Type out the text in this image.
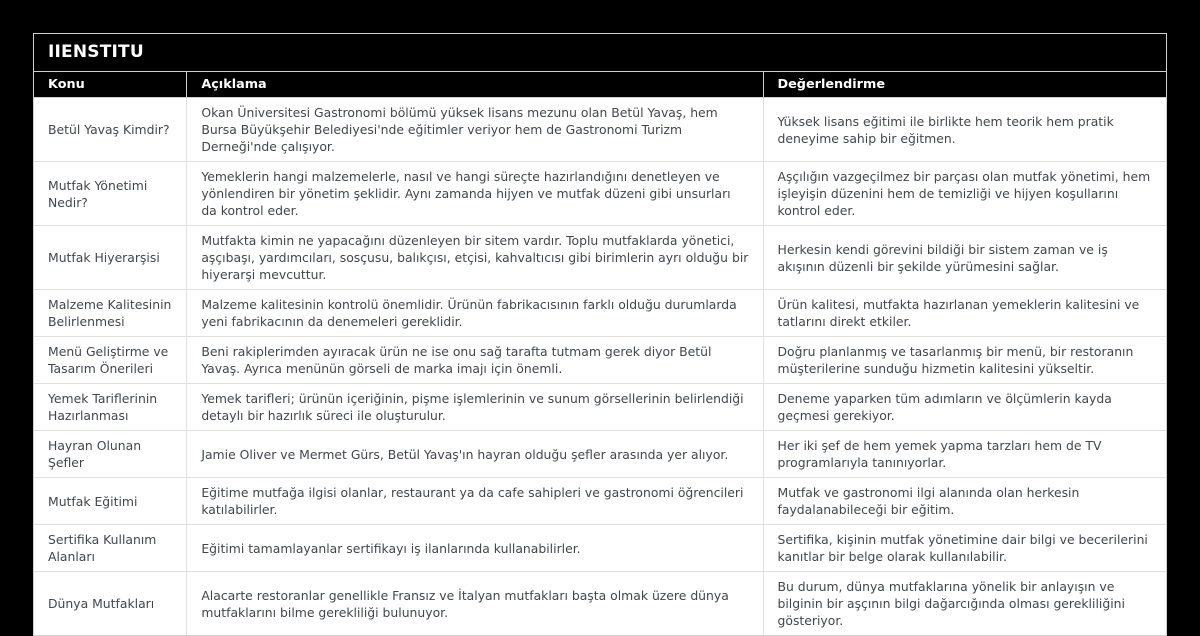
IIENSTITU
Konu	Açıklama	Değerlendirme
Betül Yavaş Kimdir?	Okan Üniversitesi Gastronomi bölümü yüksek lisans mezunu olan Betül Yavaş, hem Bursa Büyükşehir Belediyesi'nde eğitimler veriyor hem de Gastronomi Turizm Derneği'nde çalışıyor.	Yüksek lisans eğitimi ile birlikte hem teorik hem pratik deneyime sahip bir eğitmen.
Mutfak Yönetimi Nedir?	Yemeklerin hangi malzemelerle, nasıl ve hangi süreçte hazırlandığını denetleyen ve yönlendiren bir yönetim şeklidir. Aynı zamanda hijyen ve mutfak düzeni gibi unsurları da kontrol eder.	Aşçılığın vazgeçilmez bir parçası olan mutfak yönetimi, hem işleyişin düzenini hem de temizliği ve hijyen koşullarını kontrol eder.
Mutfak Hiyerarşisi	Mutfakta kimin ne yapacağını düzenleyen bir sitem vardır. Toplu mutfaklarda yönetici, aşçıbaşı, yardımcıları, sosçusu, balıkçısı, etçisi, kahvaltıcısı gibi birimlerin ayrı olduğu bir hiyerarşi mevcuttur.	Herkesin kendi görevini bildiği bir sistem zaman ve iş akışının düzenli bir şekilde yürümesini sağlar.
Malzeme Kalitesinin Belirlenmesi	Malzeme kalitesinin kontrolü önemlidir. Ürünün fabrikacısının farklı olduğu durumlarda yeni fabrikacının da denemeleri gereklidir.	Ürün kalitesi, mutfakta hazırlanan yemeklerin kalitesini ve tatlarını direkt etkiler.
Menü Geliştirme ve Tasarım Önerileri	Beni rakiplerimden ayıracak ürün ne ise onu sağ tarafta tutmam gerek diyor Betül Yavaş. Ayrıca menünün görseli de marka imajı için önemli.	Doğru planlanmış ve tasarlanmış bir menü, bir restoranın müşterilerine sunduğu hizmetin kalitesini yükseltir.
Yemek Tariflerinin Hazırlanması	Yemek tarifleri; ürünün içeriğinin, pişme işlemlerinin ve sunum görsellerinin belirlendiği detaylı bir hazırlık süreci ile oluşturulur.	Deneme yaparken tüm adımların ve ölçümlerin kayda geçmesi gerekiyor.
Hayran Olunan Şefler	Jamie Oliver ve Mermet Gürs, Betül Yavaş'ın hayran olduğu şefler arasında yer alıyor.	Her iki şef de hem yemek yapma tarzları hem de TV programlarıyla tanınıyorlar.
Mutfak Eğitimi	Eğitime mutfağa ilgisi olanlar, restaurant ya da cafe sahipleri ve gastronomi öğrencileri katılabilirler.	Mutfak ve gastronomi ilgi alanında olan herkesin faydalanabileceği bir eğitim.
Sertifika Kullanım Alanları	Eğitimi tamamlayanlar sertifikayı iş ilanlarında kullanabilirler.	Sertifika, kişinin mutfak yönetimine dair bilgi ve becerilerini kanıtlar bir belge olarak kullanılabilir.
Dünya Mutfakları	Alacarte restoranlar genellikle Fransız ve İtalyan mutfakları başta olmak üzere dünya mutfaklarını bilme gerekliliği bulunuyor.	Bu durum, dünya mutfaklarına yönelik bir anlayışın ve bilginin bir aşçının bilgi dağarcığında olması gerekliliğini gösteriyor.
